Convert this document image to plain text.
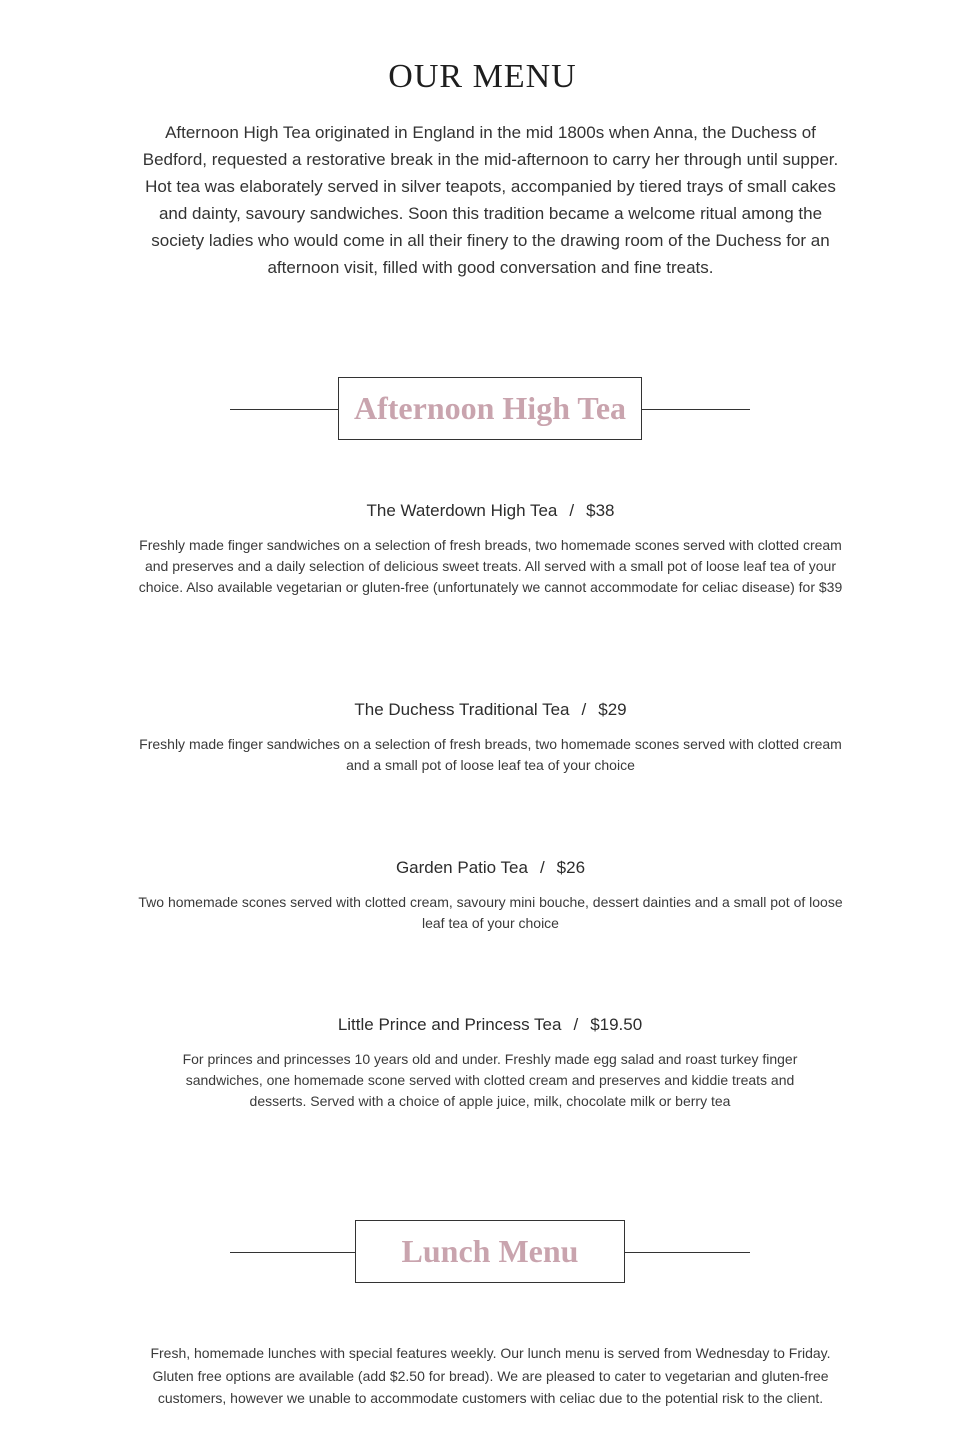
OUR MENU

Afternoon High Tea originated in England in the mid 1800s when Anna, the Duchess of Bedford, requested a restorative break in the mid-afternoon to carry her through until supper. Hot tea was elaborately served in silver teapots, accompanied by tiered trays of small cakes and dainty, savoury sandwiches. Soon this tradition became a welcome ritual among the society ladies who would come in all their finery to the drawing room of the Duchess for an afternoon visit, filled with good conversation and fine treats.

Afternoon High Tea

The Waterdown High Tea / $38

Freshly made finger sandwiches on a selection of fresh breads, two homemade scones served with clotted cream and preserves and a daily selection of delicious sweet treats. All served with a small pot of loose leaf tea of your choice. Also available vegetarian or gluten-free (unfortunately we cannot accommodate for celiac disease) for $39

The Duchess Traditional Tea / $29

Freshly made finger sandwiches on a selection of fresh breads, two homemade scones served with clotted cream and a small pot of loose leaf tea of your choice

Garden Patio Tea / $26

Two homemade scones served with clotted cream, savoury mini bouche, dessert dainties and a small pot of loose leaf tea of your choice

Little Prince and Princess Tea / $19.50

For princes and princesses 10 years old and under. Freshly made egg salad and roast turkey finger sandwiches, one homemade scone served with clotted cream and preserves and kiddie treats and desserts. Served with a choice of apple juice, milk, chocolate milk or berry tea

Lunch Menu

Fresh, homemade lunches with special features weekly. Our lunch menu is served from Wednesday to Friday. Gluten free options are available (add $2.50 for bread). We are pleased to cater to vegetarian and gluten-free customers, however we unable to accommodate customers with celiac due to the potential risk to the client.
